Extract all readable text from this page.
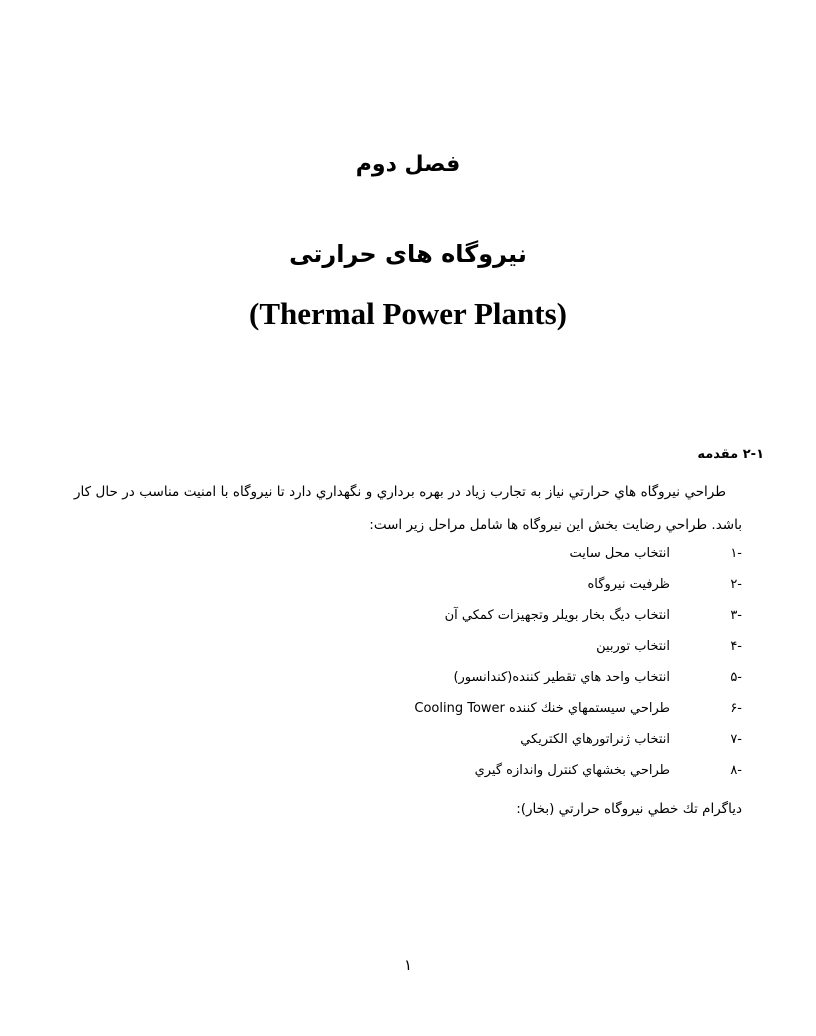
فصل دوم
نیروگاه های حرارتی
(Thermal Power Plants)
۲-۱ مقدمه

طراحي نيروگاه هاي حرارتي نياز به تجارب زياد در بهره برداري و نگهداري دارد تا نيروگاه با امنيت مناسب در حال كار باشد. طراحي رضايت بخش اين نيروگاه ها شامل مراحل زير است:

-۱
انتخاب محل سايت
-۲
ظرفيت نيروگاه
-۳
انتخاب ديگ بخار بويلر وتجهيزات كمكي آن
-۴
انتخاب توربين
-۵
انتخاب واحد هاي تقطير كننده(كندانسور)
-۶
طراحي سيستمهاي خنك كننده Cooling Tower
-۷
انتخاب ژنراتورهاي الكتريكي
-۸
طراحي بخشهاي كنترل واندازه گيري
دياگرام تك خطي نيروگاه حرارتي (بخار):
۱
